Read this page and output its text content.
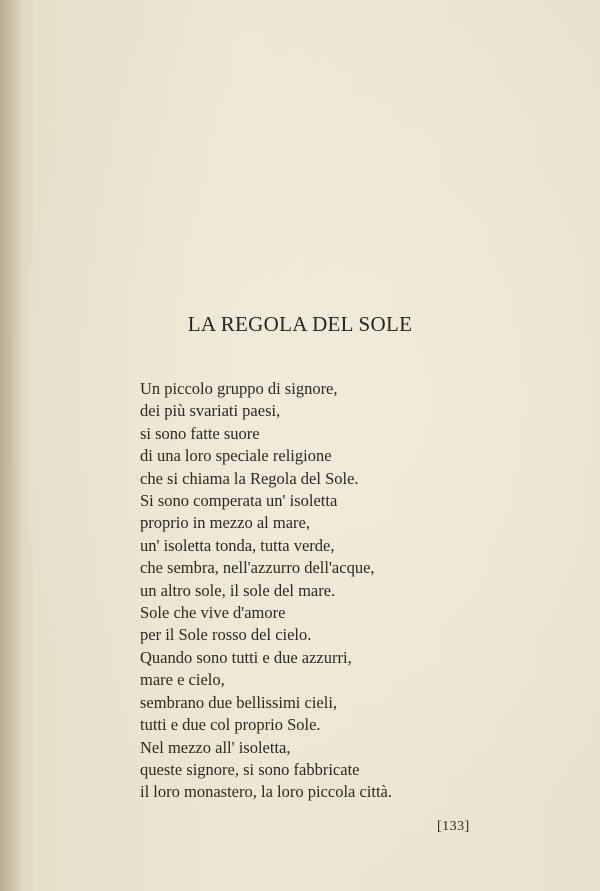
LA REGOLA DEL SOLE
Un piccolo gruppo di signore,
dei più svariati paesi,
si sono fatte suore
di una loro speciale religione
che si chiama la Regola del Sole.
Si sono comperata un' isoletta
proprio in mezzo al mare,
un' isoletta tonda, tutta verde,
che sembra, nell'azzurro dell'acque,
un altro sole, il sole del mare.
Sole che vive d'amore
per il Sole rosso del cielo.
Quando sono tutti e due azzurri,
mare e cielo,
sembrano due bellissimi cieli,
tutti e due col proprio Sole.
Nel mezzo all' isoletta,
queste signore, si sono fabbricate
il loro monastero, la loro piccola città.
[133]
